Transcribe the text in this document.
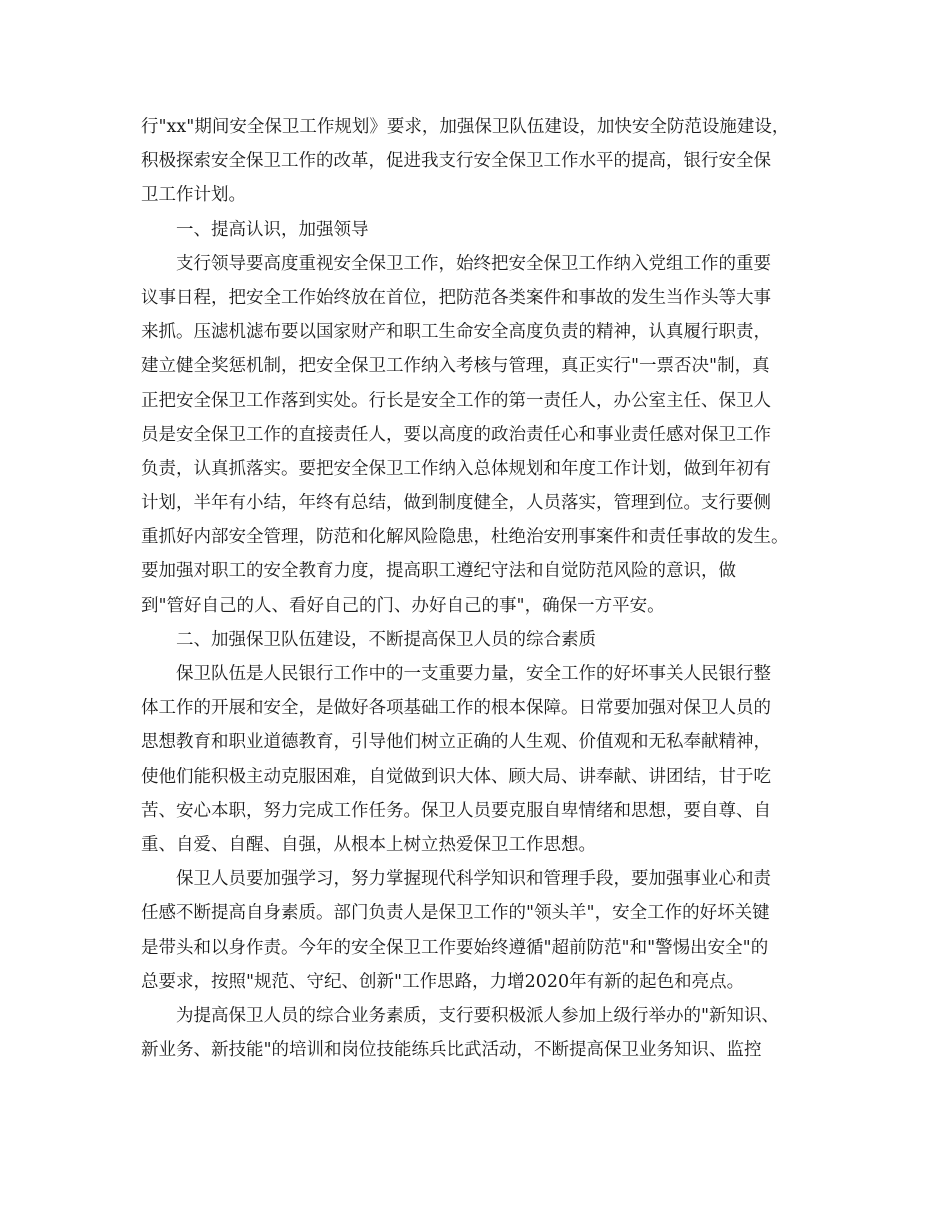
行"xx"期间安全保卫工作规划》要求，加强保卫队伍建设，加快安全防范设施建设，
积极探索安全保卫工作的改革，促进我支行安全保卫工作水平的提高，银行安全保
卫工作计划。
一、提高认识，加强领导
支行领导要高度重视安全保卫工作，始终把安全保卫工作纳入党组工作的重要
议事日程，把安全工作始终放在首位，把防范各类案件和事故的发生当作头等大事
来抓。压滤机滤布要以国家财产和职工生命安全高度负责的精神，认真履行职责，
建立健全奖惩机制，把安全保卫工作纳入考核与管理，真正实行"一票否决"制，真
正把安全保卫工作落到实处。行长是安全工作的第一责任人，办公室主任、保卫人
员是安全保卫工作的直接责任人，要以高度的政治责任心和事业责任感对保卫工作
负责，认真抓落实。要把安全保卫工作纳入总体规划和年度工作计划，做到年初有
计划，半年有小结，年终有总结，做到制度健全，人员落实，管理到位。支行要侧
重抓好内部安全管理，防范和化解风险隐患，杜绝治安刑事案件和责任事故的发生。
要加强对职工的安全教育力度，提高职工遵纪守法和自觉防范风险的意识，做
到"管好自己的人、看好自己的门、办好自己的事"，确保一方平安。
二、加强保卫队伍建设，不断提高保卫人员的综合素质
保卫队伍是人民银行工作中的一支重要力量，安全工作的好坏事关人民银行整
体工作的开展和安全，是做好各项基础工作的根本保障。日常要加强对保卫人员的
思想教育和职业道德教育，引导他们树立正确的人生观、价值观和无私奉献精神，
使他们能积极主动克服困难，自觉做到识大体、顾大局、讲奉献、讲团结，甘于吃
苦、安心本职，努力完成工作任务。保卫人员要克服自卑情绪和思想，要自尊、自
重、自爱、自醒、自强，从根本上树立热爱保卫工作思想。
保卫人员要加强学习，努力掌握现代科学知识和管理手段，要加强事业心和责
任感不断提高自身素质。部门负责人是保卫工作的"领头羊"，安全工作的好坏关键
是带头和以身作责。今年的安全保卫工作要始终遵循"超前防范"和"警惕出安全"的
总要求，按照"规范、守纪、创新"工作思路，力增2020年有新的起色和亮点。
为提高保卫人员的综合业务素质，支行要积极派人参加上级行举办的"新知识、
新业务、新技能"的培训和岗位技能练兵比武活动，不断提高保卫业务知识、监控
